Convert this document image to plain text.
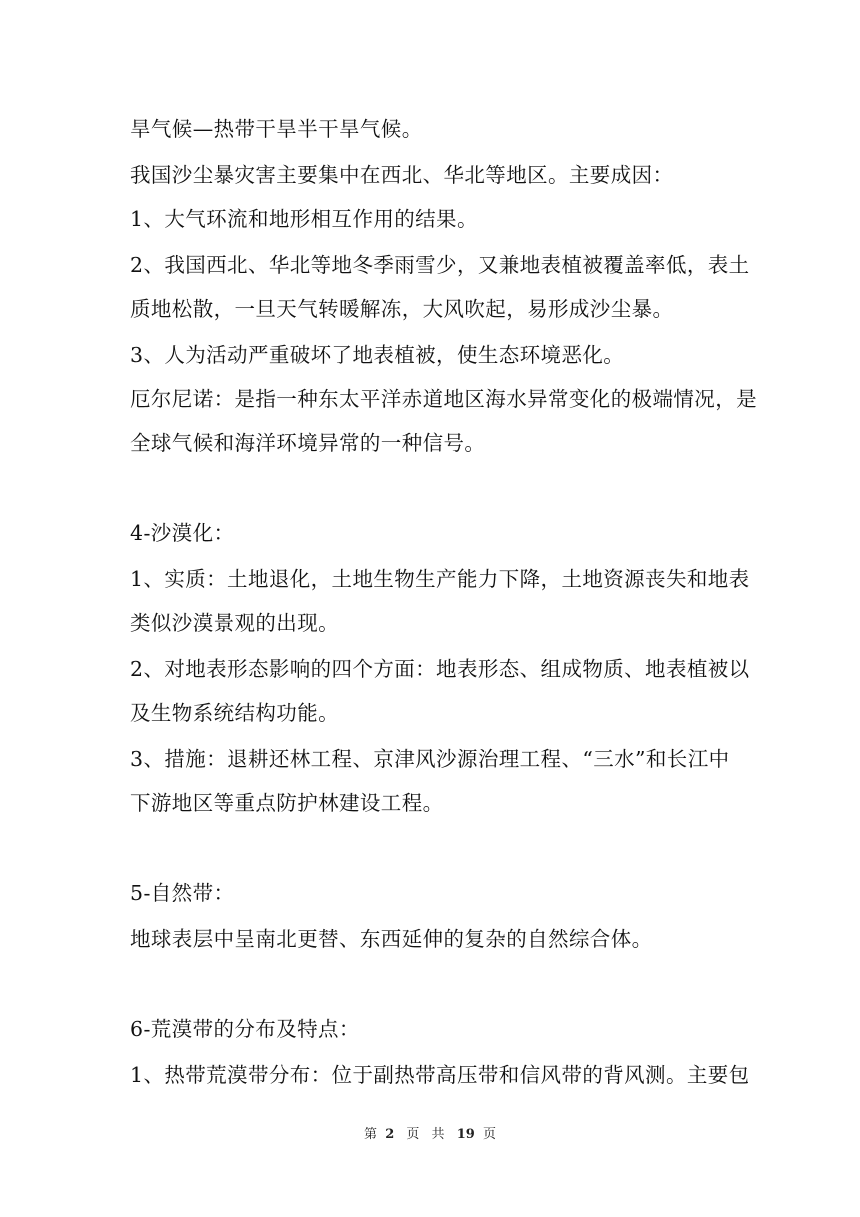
旱气候—热带干旱半干旱气候。
我国沙尘暴灾害主要集中在西北、华北等地区。主要成因：
1、大气环流和地形相互作用的结果。
2、我国西北、华北等地冬季雨雪少，又兼地表植被覆盖率低，表土
质地松散，一旦天气转暖解冻，大风吹起，易形成沙尘暴。
3、人为活动严重破坏了地表植被，使生态环境恶化。
厄尔尼诺：是指一种东太平洋赤道地区海水异常变化的极端情况，是
全球气候和海洋环境异常的一种信号。
4-沙漠化：
1、实质：土地退化，土地生物生产能力下降，土地资源丧失和地表
类似沙漠景观的出现。
2、对地表形态影响的四个方面：地表形态、组成物质、地表植被以
及生物系统结构功能。
3、措施：退耕还林工程、京津风沙源治理工程、“三水”和长江中
下游地区等重点防护林建设工程。
5-自然带：
地球表层中呈南北更替、东西延伸的复杂的自然综合体。
6-荒漠带的分布及特点：
1、热带荒漠带分布：位于副热带高压带和信风带的背风测。主要包
第 2 页 共 19 页
